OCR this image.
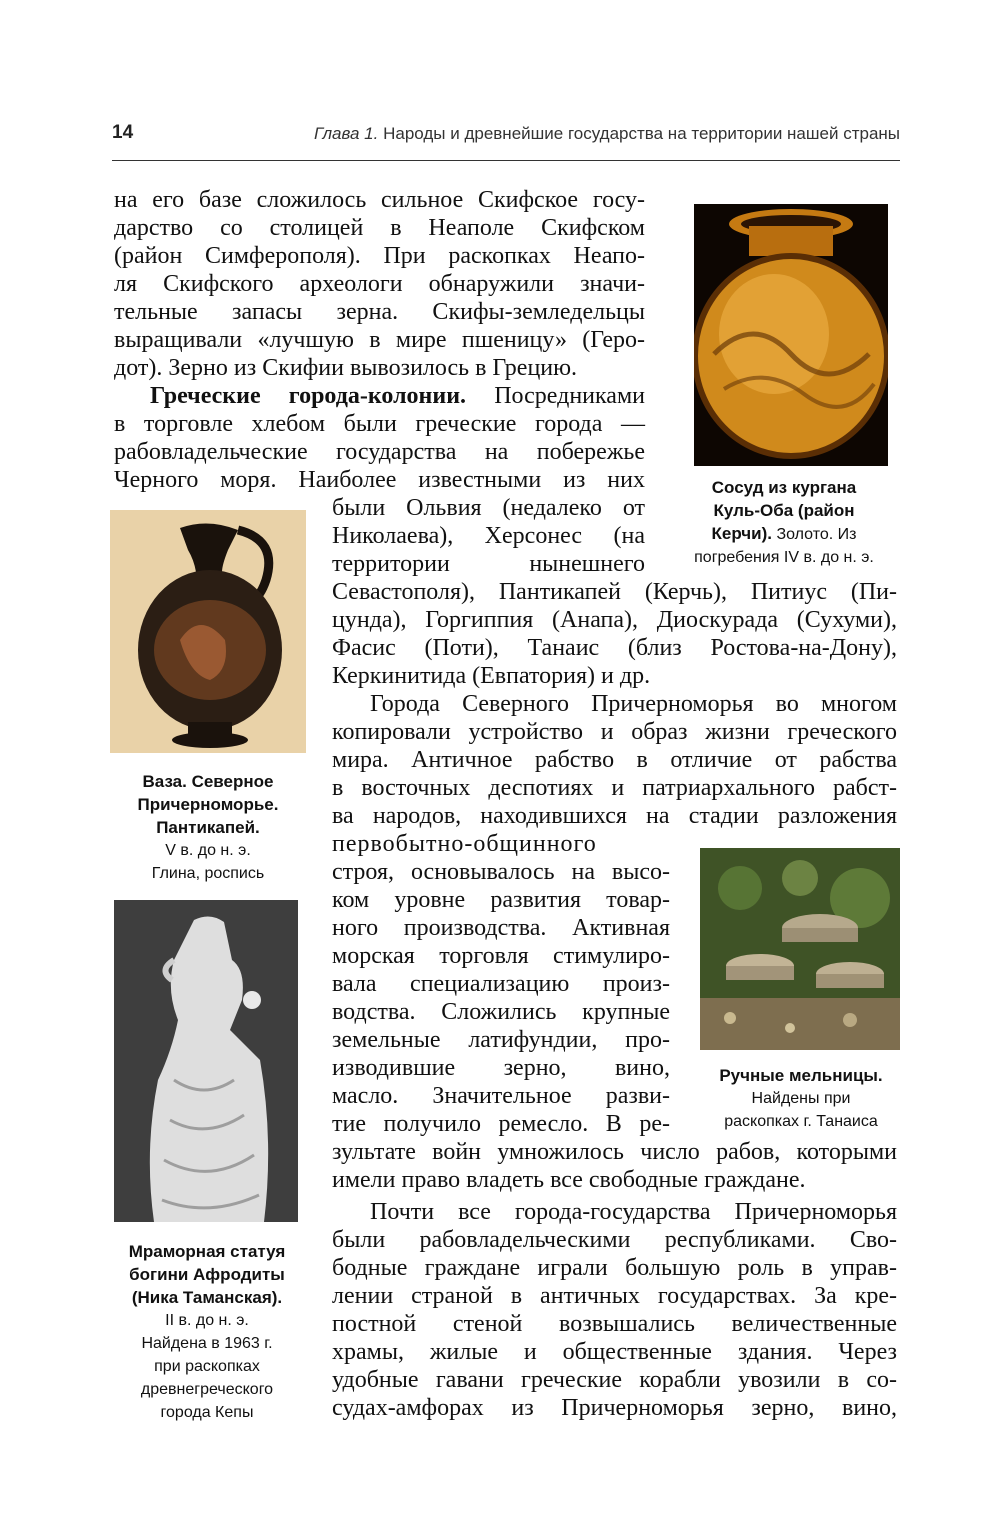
14	Глава 1. Народы и древнейшие государства на территории нашей страны
на его базе сложилось сильное Скифское госу-
дарство со столицей в Неаполе Скифском
(район Симферополя). При раскопках Неапо-
ля Скифского археологи обнаружили значи-
тельные запасы зерна. Скифы-земледельцы
выращивали «лучшую в мире пшеницу» (Геро-
дот). Зерно из Скифии вывозилось в Грецию.
Греческие города-колонии. Посредниками
в торговле хлебом были греческие города —
рабовладельческие государства на побережье
Черного моря. Наиболее известными из них
были Ольвия (недалеко от
Николаева), Херсонес (на
территории нынешнего
Севастополя), Пантикапей (Керчь), Питиус (Пи-
цунда), Горгиппия (Анапа), Диоскурада (Сухуми),
Фасис (Поти), Танаис (близ Ростова-на-Дону),
Керкинитида (Евпатория) и др.
Города Северного Причерноморья во многом
копировали устройство и образ жизни греческого
мира. Античное рабство в отличие от рабства
в восточных деспотиях и патриархального рабст-
ва народов, находившихся на стадии разложения
первобытно-общинного
строя, основывалось на высо-
ком уровне развития товар-
ного производства. Активная
морская торговля стимулиро-
вала специализацию произ-
водства. Сложились крупные
земельные латифундии, про-
изводившие зерно, вино,
масло. Значительное разви-
тие получило ремесло. В ре-
зультате войн умножилось число рабов, которыми
имели право владеть все свободные граждане.
Почти все города-государства Причерноморья
были рабовладельческими республиками. Сво-
бодные граждане играли большую роль в управ-
лении страной в античных государствах. За кре-
постной стеной возвышались величественные
храмы, жилые и общественные здания. Через
удобные гавани греческие корабли увозили в со-
судах-амфорах из Причерноморья зерно, вино,
Сосуд из кургана
Куль-Оба (район
Керчи). Золото. Из
погребения IV в. до н. э.
Ваза. Северное
Причерноморье.
Пантикапей.
V в. до н. э.
Глина, роспись
Мраморная статуя
богини Афродиты
(Ника Таманская).
II в. до н. э.
Найдена в 1963 г.
при раскопках
древнегреческого
города Кепы
Ручные мельницы.
Найдены при
раскопках г. Танаиса
